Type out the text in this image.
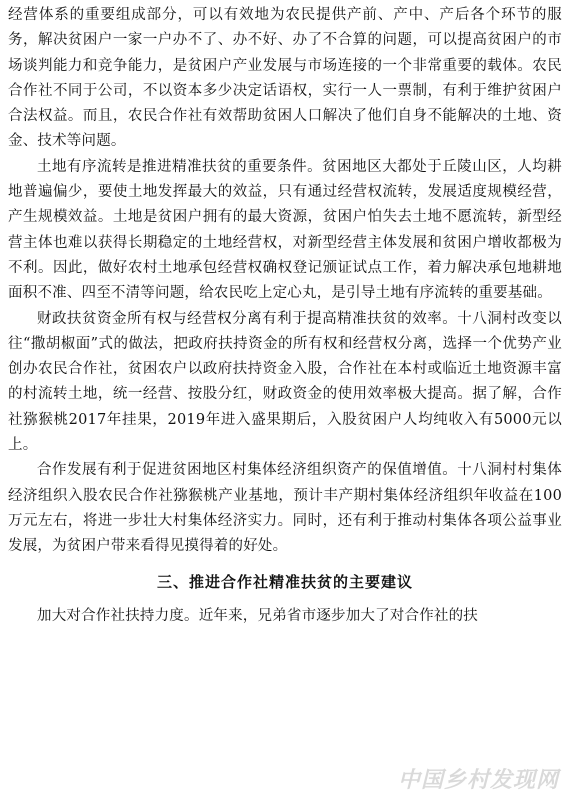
经营体系的重要组成部分，可以有效地为农民提供产前、产中、产后各个环节的服务，解决贫困户一家一户办不了、办不好、办了不合算的问题，可以提高贫困户的市场谈判能力和竞争能力，是贫困户产业发展与市场连接的一个非常重要的载体。农民合作社不同于公司，不以资本多少决定话语权，实行一人一票制，有利于维护贫困户合法权益。而且，农民合作社有效帮助贫困人口解决了他们自身不能解决的土地、资金、技术等问题。

土地有序流转是推进精准扶贫的重要条件。贫困地区大都处于丘陵山区，人均耕地普遍偏少，要使土地发挥最大的效益，只有通过经营权流转，发展适度规模经营，产生规模效益。土地是贫困户拥有的最大资源，贫困户怕失去土地不愿流转，新型经营主体也难以获得长期稳定的土地经营权，对新型经营主体发展和贫困户增收都极为不利。因此，做好农村土地承包经营权确权登记颁证试点工作，着力解决承包地耕地面积不准、四至不清等问题，给农民吃上定心丸，是引导土地有序流转的重要基础。

财政扶贫资金所有权与经营权分离有利于提高精准扶贫的效率。十八洞村改变以往“撒胡椒面”式的做法，把政府扶持资金的所有权和经营权分离，选择一个优势产业创办农民合作社，贫困农户以政府扶持资金入股，合作社在本村或临近土地资源丰富的村流转土地，统一经营、按股分红，财政资金的使用效率极大提高。据了解，合作社猕猴桃2017年挂果，2019年进入盛果期后，入股贫困户人均纯收入有5000元以上。

合作发展有利于促进贫困地区村集体经济组织资产的保值增值。十八洞村村集体经济组织入股农民合作社猕猴桃产业基地，预计丰产期村集体经济组织年收益在100万元左右，将进一步壮大村集体经济实力。同时，还有利于推动村集体各项公益事业发展，为贫困户带来看得见摸得着的好处。

三、推进合作社精准扶贫的主要建议

加大对合作社扶持力度。近年来，兄弟省市逐步加大了对合作社的扶

中国乡村发现网
